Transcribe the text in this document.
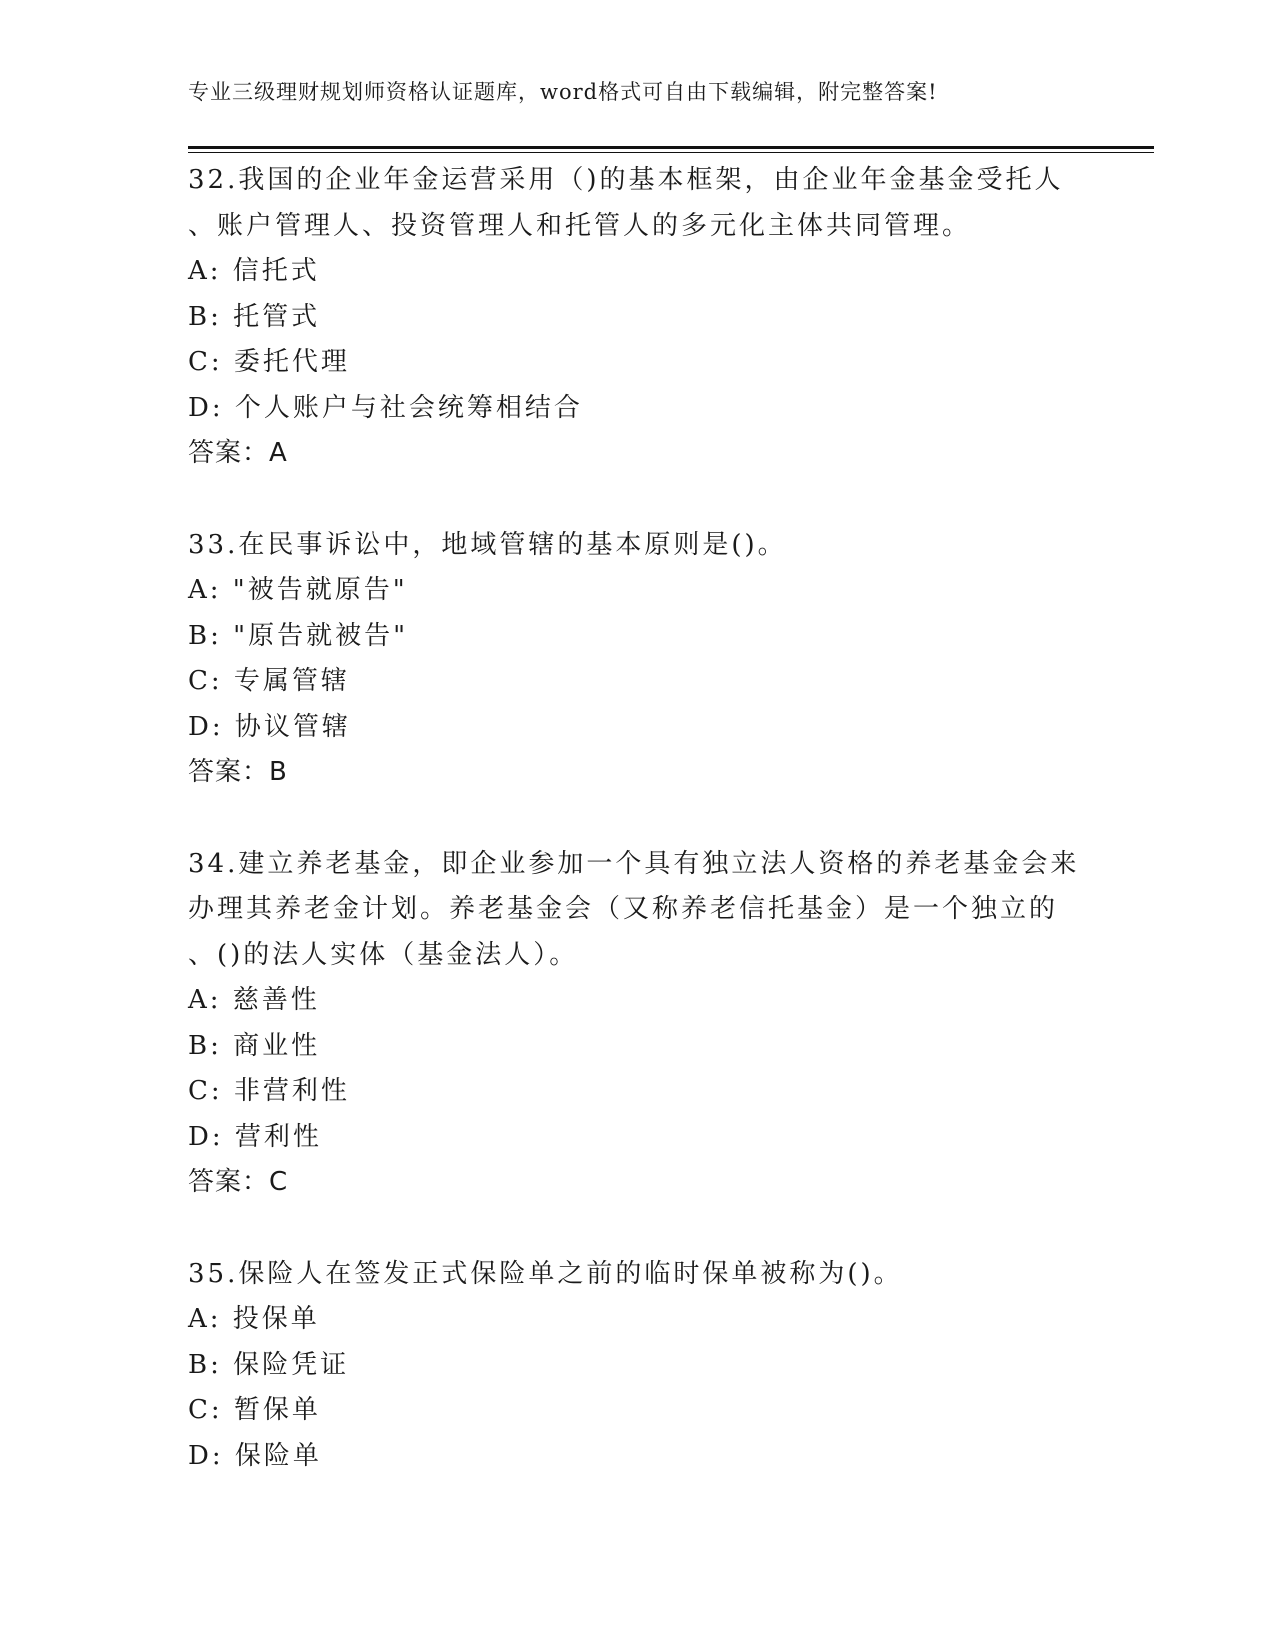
专业三级理财规划师资格认证题库，word格式可自由下载编辑，附完整答案!
32.我国的企业年金运营采用（)的基本框架，由企业年金基金受托人
、账户管理人、投资管理人和托管人的多元化主体共同管理。
A: 信托式
B: 托管式
C: 委托代理
D: 个人账户与社会统筹相结合
答案：A
33.在民事诉讼中，地域管辖的基本原则是()。
A: "被告就原告"
B: "原告就被告"
C: 专属管辖
D: 协议管辖
答案：B
34.建立养老基金，即企业参加一个具有独立法人资格的养老基金会来
办理其养老金计划。养老基金会（又称养老信托基金）是一个独立的
、()的法人实体（基金法人）。
A: 慈善性
B: 商业性
C: 非营利性
D: 营利性
答案：C
35.保险人在签发正式保险单之前的临时保单被称为()。
A: 投保单
B: 保险凭证
C: 暂保单
D: 保险单
